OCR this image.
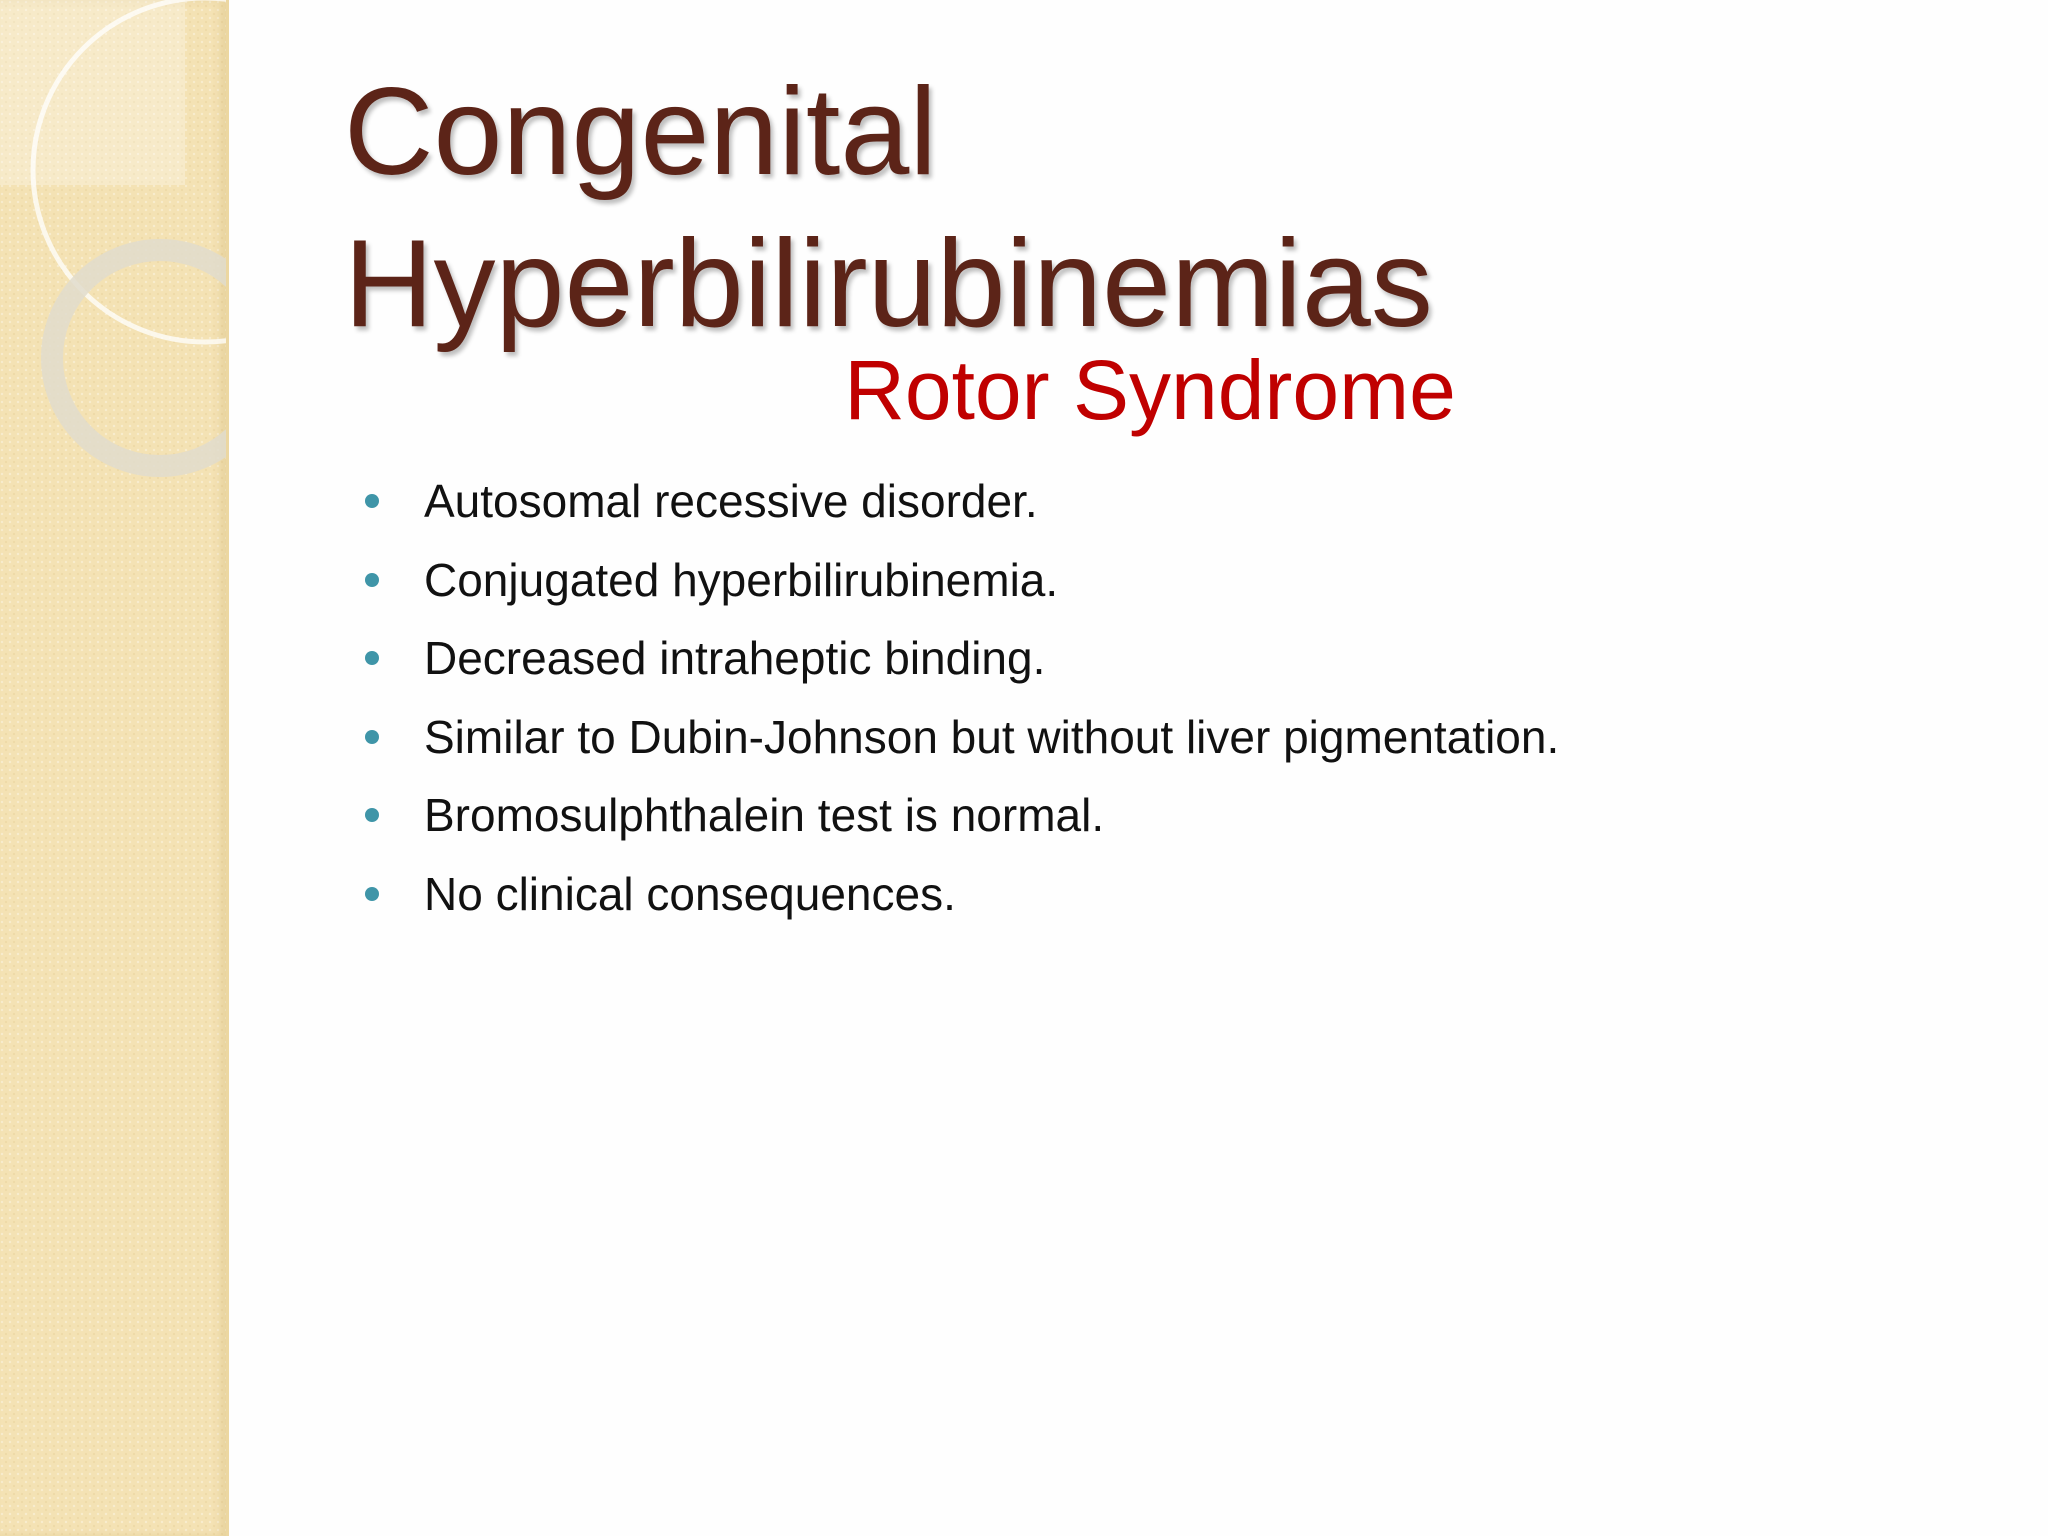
Congenital
Hyperbilirubinemias
Rotor Syndrome
Autosomal recessive disorder.
Conjugated hyperbilirubinemia.
Decreased intraheptic binding.
Similar to Dubin-Johnson but without liver pigmentation.
Bromosulphthalein test is normal.
No clinical consequences.
